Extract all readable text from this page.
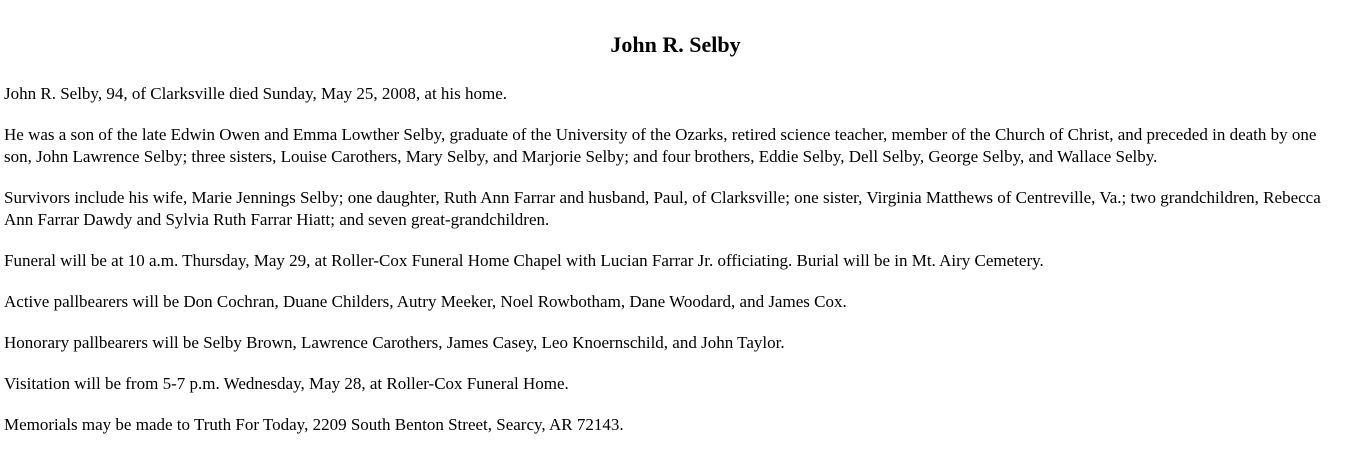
John R. Selby

John R. Selby, 94, of Clarksville died Sunday, May 25, 2008, at his home.

He was a son of the late Edwin Owen and Emma Lowther Selby, graduate of the University of the Ozarks, retired science teacher, member of the Church of Christ, and preceded in death by one son, John Lawrence Selby; three sisters, Louise Carothers, Mary Selby, and Marjorie Selby; and four brothers, Eddie Selby, Dell Selby, George Selby, and Wallace Selby.

Survivors include his wife, Marie Jennings Selby; one daughter, Ruth Ann Farrar and husband, Paul, of Clarksville; one sister, Virginia Matthews of Centreville, Va.; two grandchildren, Rebecca Ann Farrar Dawdy and Sylvia Ruth Farrar Hiatt; and seven great-grandchildren.

Funeral will be at 10 a.m. Thursday, May 29, at Roller-Cox Funeral Home Chapel with Lucian Farrar Jr. officiating. Burial will be in Mt. Airy Cemetery.

Active pallbearers will be Don Cochran, Duane Childers, Autry Meeker, Noel Rowbotham, Dane Woodard, and James Cox.

Honorary pallbearers will be Selby Brown, Lawrence Carothers, James Casey, Leo Knoernschild, and John Taylor.

Visitation will be from 5-7 p.m. Wednesday, May 28, at Roller-Cox Funeral Home.

Memorials may be made to Truth For Today, 2209 South Benton Street, Searcy, AR 72143.
